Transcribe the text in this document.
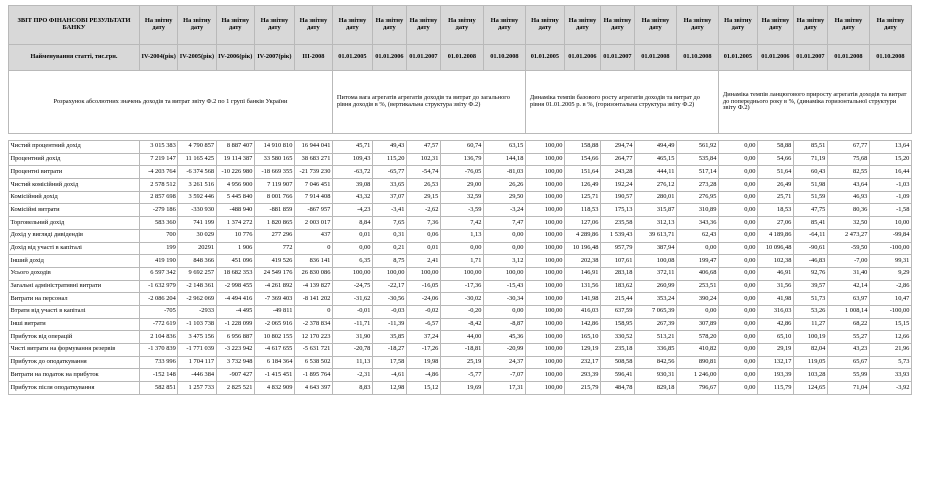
ЗВІТ ПРО ФІНАНСОВІ РЕЗУЛЬТАТИ БАНКУ	На звітну дату	На звітну дату	На звітну дату	На звітну дату	На звітну дату	На звітну дату	На звітну дату	На звітну дату	На звітну дату	На звітну дату	На звітну дату	На звітну дату	На звітну дату	На звітну дату	На звітну дату	На звітну дату	На звітну дату	На звітну дату	На звітну дату	На звітну дату
Найменування статті, тис.грн.	IV-2004(рік)	IV-2005(рік)	IV-2006(рік)	IV-2007(рік)	III-2008	01.01.2005	01.01.2006	01.01.2007	01.01.2008	01.10.2008	01.01.2005	01.01.2006	01.01.2007	01.01.2008	01.10.2008	01.01.2005	01.01.2006	01.01.2007	01.01.2008	01.10.2008
Розрахунок абсолютних значень доходів та витрат звіту Ф.2 по 1 групі банків України						Питома вага агрегатів агрегатів доходів та витрат до загального рівня доходів в %, (вертикальна структура звіту Ф.2)					Динаміка темпів базового росту агрегатів доходів та витрат до рівня 01.01.2005 р. в %, (горизонтальна структура звіту Ф.2)					Динаміка темпів ланцюгового приросту агрегатів доходів та витрат до попереднього року в %, (динаміка горизонтальної структури звіту Ф.2)				

Чистий процентний дохід	3 015 383	4 790 857	8 887 407	14 910 810	16 944 041	45,71	49,43	47,57	60,74	63,15	100,00	158,88	294,74	494,49	561,92	0,00	58,88	85,51	67,77	13,64
Процентний дохід	7 219 147	11 165 425	19 114 387	33 580 165	38 683 271	109,43	115,20	102,31	136,79	144,18	100,00	154,66	264,77	465,15	535,84	0,00	54,66	71,19	75,68	15,20
Процентні витрати	-4 203 764	-6 374 568	-10 226 980	-18 669 355	-21 739 230	-63,72	-65,77	-54,74	-76,05	-81,03	100,00	151,64	243,28	444,11	517,14	0,00	51,64	60,43	82,55	16,44
Чистий комісійний дохід	2 578 512	3 261 516	4 956 900	7 119 907	7 046 451	39,08	33,65	26,53	29,00	26,26	100,00	126,49	192,24	276,12	273,28	0,00	26,49	51,98	43,64	-1,03
Комісійний дохід	2 857 698	3 592 446	5 445 840	8 001 766	7 914 408	43,32	37,07	29,15	32,59	29,50	100,00	125,71	190,57	280,01	276,95	0,00	25,71	51,59	46,93	-1,09
Комісійні витрати	-279 186	-330 930	-488 940	-881 859	-867 957	-4,23	-3,41	-2,62	-3,59	-3,24	100,00	118,53	175,13	315,87	310,89	0,00	18,53	47,75	80,36	-1,58
Торговельний дохід	583 360	741 199	1 374 272	1 820 865	2 003 017	8,84	7,65	7,36	7,42	7,47	100,00	127,06	235,58	312,13	343,36	0,00	27,06	85,41	32,50	10,00
Дохід у вигляді дивідендів	700	30 029	10 776	277 296	437	0,01	0,31	0,06	1,13	0,00	100,00	4 289,86	1 539,43	39 613,71	62,43	0,00	4 189,86	-64,11	2 473,27	-99,84
Дохід від участі в капіталі	199	20291	1 906	772	0	0,00	0,21	0,01	0,00	0,00	100,00	10 196,48	957,79	387,94	0,00	0,00	10 096,48	-90,61	-59,50	-100,00
Інший дохід	419 190	848 366	451 096	419 526	836 141	6,35	8,75	2,41	1,71	3,12	100,00	202,38	107,61	100,08	199,47	0,00	102,38	-46,83	-7,00	99,31
Усього доходів	6 597 342	9 692 257	18 682 353	24 549 176	26 830 086	100,00	100,00	100,00	100,00	100,00	100,00	146,91	283,18	372,11	406,68	0,00	46,91	92,76	31,40	9,29
Загальні адміністративні витрати	-1 632 979	-2 148 361	-2 998 455	-4 261 892	-4 139 827	-24,75	-22,17	-16,05	-17,36	-15,43	100,00	131,56	183,62	260,99	253,51	0,00	31,56	39,57	42,14	-2,86
Витрати на персонал	-2 086 204	-2 962 069	-4 494 416	-7 369 403	-8 141 202	-31,62	-30,56	-24,06	-30,02	-30,34	100,00	141,98	215,44	353,24	390,24	0,00	41,98	51,73	63,97	10,47
Втрати від участі в капіталі	-705	-2933	-4 495	-49 811	0	-0,01	-0,03	-0,02	-0,20	0,00	100,00	416,03	637,59	7 065,39	0,00	0,00	316,03	53,26	1 008,14	-100,00
Інші витрати	-772 619	-1 103 738	-1 228 099	-2 065 916	-2 378 834	-11,71	-11,39	-6,57	-8,42	-8,87	100,00	142,86	158,95	267,39	307,89	0,00	42,86	11,27	68,22	15,15
Прибуток від операцій	2 104 836	3 475 156	6 956 887	10 802 155	12 170 223	31,90	35,85	37,24	44,00	45,36	100,00	165,10	330,52	513,21	578,20	0,00	65,10	100,19	55,27	12,66
Чисті витрати на формування резервів	-1 370 839	-1 771 039	-3 223 942	-4 617 655	-5 631 721	-20,78	-18,27	-17,26	-18,81	-20,99	100,00	129,19	235,18	336,85	410,82	0,00	29,19	82,04	43,23	21,96
Прибуток до оподаткування	733 996	1 704 117	3 732 948	6 184 364	6 538 502	11,13	17,58	19,98	25,19	24,37	100,00	232,17	508,58	842,56	890,81	0,00	132,17	119,05	65,67	5,73
Витрати на податок на прибуток	-152 148	-446 384	-907 427	-1 415 451	-1 895 764	-2,31	-4,61	-4,86	-5,77	-7,07	100,00	293,39	596,41	930,31	1 246,00	0,00	193,39	103,28	55,99	33,93
Прибуток після оподаткування	582 851	1 257 733	2 825 521	4 832 909	4 643 397	8,83	12,98	15,12	19,69	17,31	100,00	215,79	484,78	829,18	796,67	0,00	115,79	124,65	71,04	-3,92
